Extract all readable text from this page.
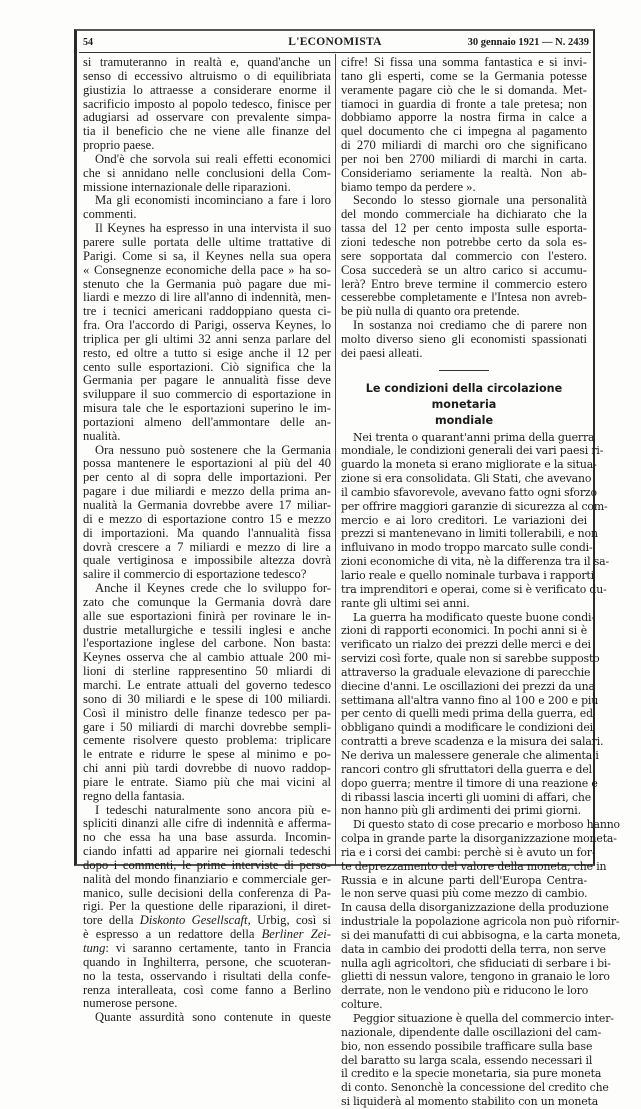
54	L'ECONOMISTA	30 gennaio 1921 — N. 2439
si tramuteranno in realtà e, quand'anche un
senso di eccessivo altruismo o di equilibriata
giustizia lo attraesse a considerare enorme il
sacrificio imposto al popolo tedesco, finisce per
adugiarsi ad osservare con prevalente simpa-
tia il beneficio che ne viene alle finanze del
proprio paese.
Ond'è che sorvola sui reali effetti economici
che si annidano nelle conclusioni della Com-
missione internazionale delle riparazioni.
Ma gli economisti incominciano a fare i loro
commenti.
Il Keynes ha espresso in una intervista il suo
parere sulle portata delle ultime trattative di
Parigi. Come si sa, il Keynes nella sua opera
« Consegnenze economiche della pace » ha so-
stenuto che la Germania può pagare due mi-
liardi e mezzo di lire all'anno di indennità, men-
tre i tecnici americani raddoppiano questa ci-
fra. Ora l'accordo di Parigi, osserva Keynes, lo
triplica per gli ultimi 32 anni senza parlare del
resto, ed oltre a tutto si esige anche il 12 per
cento sulle esportazioni. Ciò significa che la
Germania per pagare le annualità fisse deve
sviluppare il suo commercio di esportazione in
misura tale che le esportazioni superino le im-
portazioni almeno dell'ammontare delle an-
nualità.
Ora nessuno può sostenere che la Germania
possa mantenere le esportazioni al più del 40
per cento al di sopra delle importazioni. Per
pagare i due miliardi e mezzo della prima an-
nualità la Germania dovrebbe avere 17 miliar-
di e mezzo di esportazione contro 15 e mezzo
di importazioni. Ma quando l'annualità fissa
dovrà crescere a 7 miliardi e mezzo di lire a
quale vertiginosa e impossibile altezza dovrà
salire il commercio di esportazione tedesco?
Anche il Keynes crede che lo sviluppo for-
zato che comunque la Germania dovrà dare
alle sue esportazioni finirà per rovinare le in-
dustrie metallurgiche e tessili inglesi e anche
l'esportazione inglese del carbone. Non basta:
Keynes osserva che al cambio attuale 200 mi-
lioni di sterline rappresentino 50 mliardi di
marchi. Le entrate attuali del governo tedesco
sono di 30 miliardi e le spese di 100 miliardi.
Così il ministro delle finanze tedesco per pa-
gare i 50 miliardi di marchi dovrebbe sempli-
cemente risolvere questo problema: triplicare
le entrate e ridurre le spese al minimo e po-
chi anni più tardi dovrebbe di nuovo raddop-
piare le entrate. Siamo più che mai vicini al
regno della fantasia.
I tedeschi naturalmente sono ancora più e-
spliciti dinanzi alle cifre di indennità e afferma-
no che essa ha una base assurda. Incomin-
ciando infatti ad apparire nei giornali tedeschi
dopo i commenti, le prime interviste di perso-
nalità del mondo finanziario e commerciale ger-
manico, sulle decisioni della conferenza di Pa-
rigi. Per la questione delle riparazioni, il diret-
tore della Diskonto Gesellscaft, Urbig, così si
è espresso a un redattore della Berliner Zei-
tung: vi saranno certamente, tanto in Francia
quando in Inghilterra, persone, che scuoteran-
no la testa, osservando i risultati della confe-
renza interalleata, così come fanno a Berlino
numerose persone.
Quante assurdità sono contenute in queste
cifre! Si fissa una somma fantastica e si invi-
tano gli esperti, come se la Germania potesse
veramente pagare ciò che le si domanda. Met-
tiamoci in guardia di fronte a tale pretesa; non
dobbiamo apporre la nostra firma in calce a
quel documento che ci impegna al pagamento
di 270 miliardi di marchi oro che significano
per noi ben 2700 miliardi di marchi in carta.
Consideriamo seriamente la realtà. Non ab-
biamo tempo da perdere ».
Secondo lo stesso giornale una personalità
del mondo commerciale ha dichiarato che la
tassa del 12 per cento imposta sulle esporta-
zioni tedesche non potrebbe certo da sola es-
sere sopportata dal commercio con l'estero.
Cosa succederà se un altro carico si accumu-
lerà? Entro breve termine il commercio estero
cesserebbe completamente e l'Intesa non avreb-
be più nulla di quanto ora pretende.
In sostanza noi crediamo che di parere non
molto diverso sieno gli economisti spassionati
dei paesi alleati.
Le condizioni della circolazione monetaria
mondiale
Nei trenta o quarant'anni prima della guerra
mondiale, le condizioni generali dei vari paesi ri-
guardo la moneta si erano migliorate e la situa-
zione si era consolidata. Gli Stati, che avevano
il cambio sfavorevole, avevano fatto ogni sforzo
per offrire maggiori garanzie di sicurezza al com-
mercio e ai loro creditori. Le variazioni dei
prezzi si mantenevano in limiti tollerabili, e non
influivano in modo troppo marcato sulle condi-
zioni economiche di vita, nè la differenza tra il sa-
lario reale e quello nominale turbava i rapporti
tra imprenditori e operai, come si è verificato du-
rante gli ultimi sei anni.
La guerra ha modificato queste buone condi-
zioni di rapporti economici. In pochi anni si è
verificato un rialzo dei prezzi delle merci e dei
servizi così forte, quale non si sarebbe supposto
attraverso la graduale elevazione di parecchie
diecine d'anni. Le oscillazioni dei prezzi da una
settimana all'altra vanno fino al 100 e 200 e più
per cento di quelli medi prima della guerra, ed
obbligano quindi a modificare le condizioni dei
contratti a breve scadenza e la misura dei salari.
Ne deriva un malessere generale che alimenta i
rancori contro gli sfruttatori della guerra e del
dopo guerra; mentre il timore di una reazione e
di ribassi lascia incerti gli uomini di affari, che
non hanno più gli ardimenti dei primi giorni.
Di questo stato di cose precario e morboso hanno
colpa in grande parte la disorganizzazione moneta-
ria e i corsi dei cambi: perchè si è avuto un for-
te deprezzamento del valore della moneta, che in
Russia e in alcune parti dell'Europa Centra-
le non serve quasi più come mezzo di cambio.
In causa della disorganizzazione della produzione
industriale la popolazione agricola non può rifornir-
si dei manufatti di cui abbisogna, e la carta moneta,
data in cambio dei prodotti della terra, non serve
nulla agli agricoltori, che sfiduciati di serbare i bi-
glietti di nessun valore, tengono in granaio le loro
derrate, non le vendono più e riducono le loro
colture.
Peggior situazione è quella del commercio inter-
nazionale, dipendente dalle oscillazioni del cam-
bio, non essendo possibile trafficare sulla base
del baratto su larga scala, essendo necessari il
il credito e la specie monetaria, sia pure moneta
di conto. Senonchè la concessione del credito che
si liquiderà al momento stabilito con un moneta
